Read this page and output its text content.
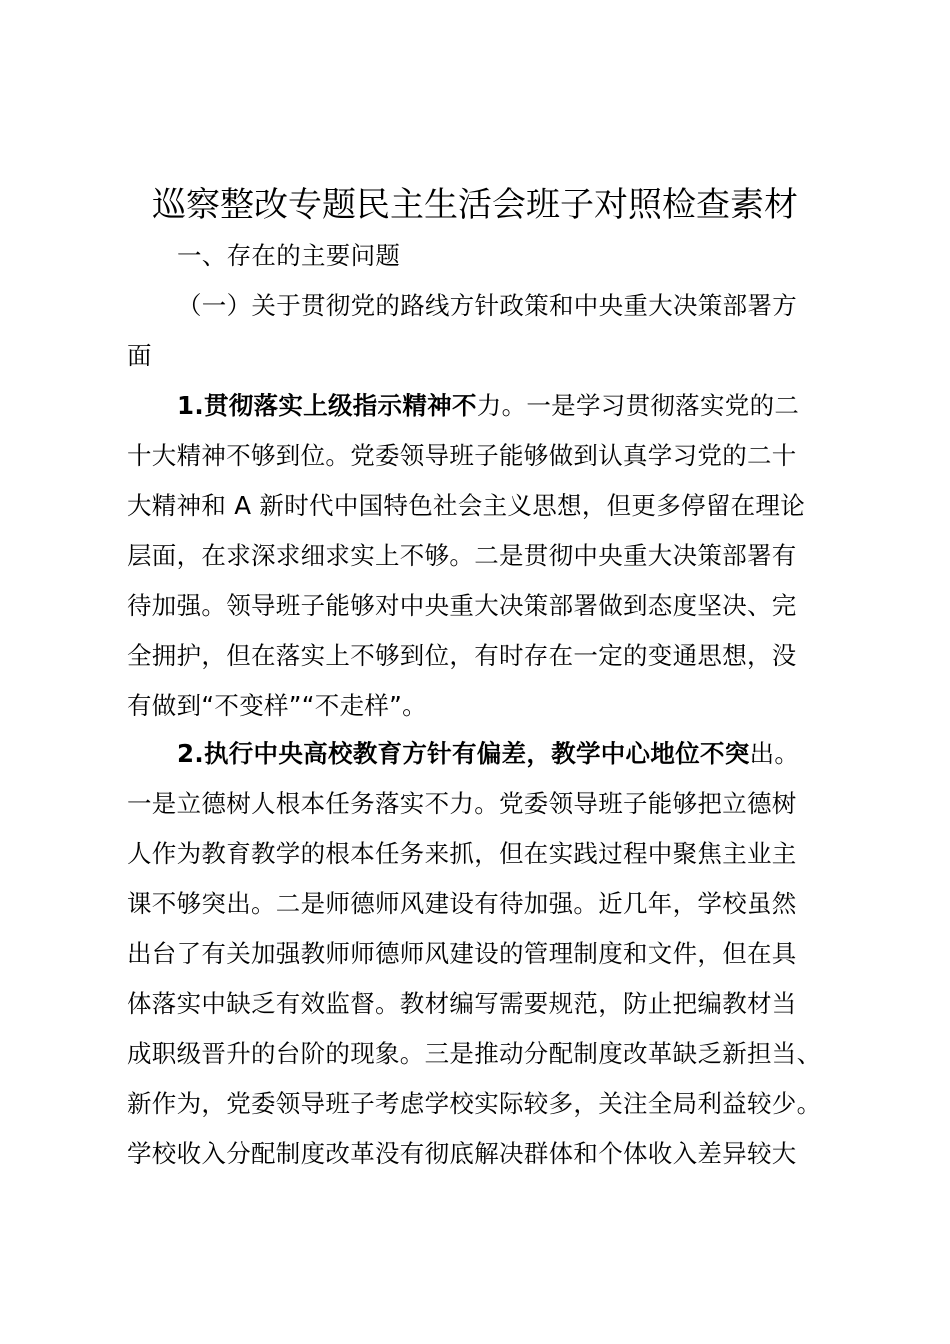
巡察整改专题民主生活会班子对照检查素材
一、存在的主要问题
（一）关于贯彻党的路线方针政策和中央重大决策部署方
面
1.贯彻落实上级指示精神不力。一是学习贯彻落实党的二
十大精神不够到位。党委领导班子能够做到认真学习党的二十
大精神和 A 新时代中国特色社会主义思想，但更多停留在理论
层面，在求深求细求实上不够。二是贯彻中央重大决策部署有
待加强。领导班子能够对中央重大决策部署做到态度坚决、完
全拥护，但在落实上不够到位，有时存在一定的变通思想，没
有做到“不变样”“不走样”。
2.执行中央高校教育方针有偏差，教学中心地位不突出。
一是立德树人根本任务落实不力。党委领导班子能够把立德树
人作为教育教学的根本任务来抓，但在实践过程中聚焦主业主
课不够突出。二是师德师风建设有待加强。近几年，学校虽然
出台了有关加强教师师德师风建设的管理制度和文件，但在具
体落实中缺乏有效监督。教材编写需要规范，防止把编教材当
成职级晋升的台阶的现象。三是推动分配制度改革缺乏新担当、
新作为，党委领导班子考虑学校实际较多，关注全局利益较少。
学校收入分配制度改革没有彻底解决群体和个体收入差异较大
